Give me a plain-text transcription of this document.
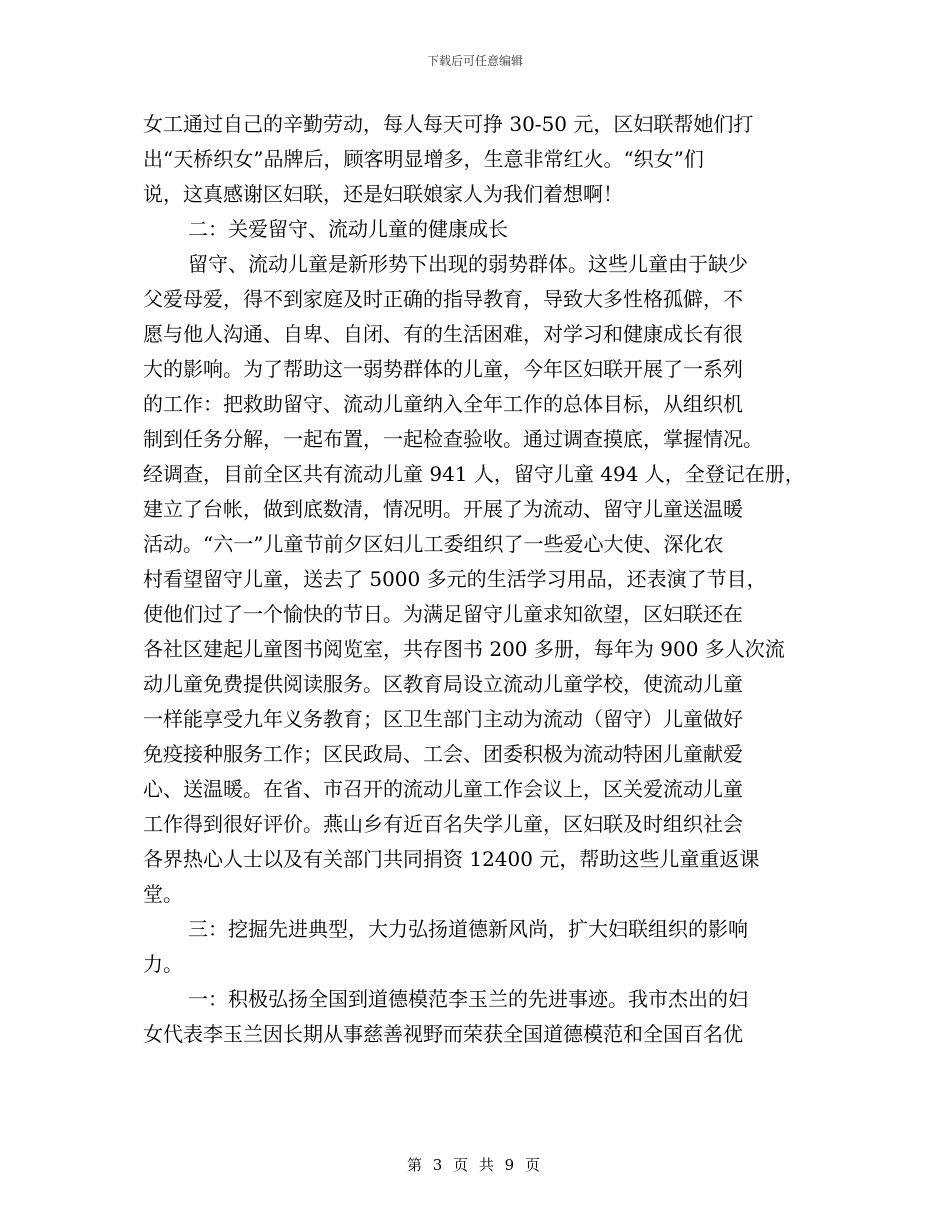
下载后可任意编辑
女工通过自己的辛勤劳动，每人每天可挣 30-50 元，区妇联帮她们打
出“天桥织女”品牌后，顾客明显增多，生意非常红火。“织女”们
说，这真感谢区妇联，还是妇联娘家人为我们着想啊！
二：关爱留守、流动儿童的健康成长
留守、流动儿童是新形势下出现的弱势群体。这些儿童由于缺少
父爱母爱，得不到家庭及时正确的指导教育，导致大多性格孤僻，不
愿与他人沟通、自卑、自闭、有的生活困难，对学习和健康成长有很
大的影响。为了帮助这一弱势群体的儿童，今年区妇联开展了一系列
的工作：把救助留守、流动儿童纳入全年工作的总体目标，从组织机
制到任务分解，一起布置，一起检查验收。通过调查摸底，掌握情况。
经调查，目前全区共有流动儿童 941 人，留守儿童 494 人，全登记在册，
建立了台帐，做到底数清，情况明。开展了为流动、留守儿童送温暖
活动。“六一”儿童节前夕区妇儿工委组织了一些爱心大使、深化农
村看望留守儿童，送去了 5000 多元的生活学习用品，还表演了节目，
使他们过了一个愉快的节日。为满足留守儿童求知欲望，区妇联还在
各社区建起儿童图书阅览室，共存图书 200 多册，每年为 900 多人次流
动儿童免费提供阅读服务。区教育局设立流动儿童学校，使流动儿童
一样能享受九年义务教育；区卫生部门主动为流动（留守）儿童做好
免疫接种服务工作；区民政局、工会、团委积极为流动特困儿童献爱
心、送温暖。在省、市召开的流动儿童工作会议上，区关爱流动儿童
工作得到很好评价。燕山乡有近百名失学儿童，区妇联及时组织社会
各界热心人士以及有关部门共同捐资 12400 元，帮助这些儿童重返课
堂。
三：挖掘先进典型，大力弘扬道德新风尚，扩大妇联组织的影响
力。
一：积极弘扬全国到道德模范李玉兰的先进事迹。我市杰出的妇
女代表李玉兰因长期从事慈善视野而荣获全国道德模范和全国百名优
第 3 页 共 9 页
